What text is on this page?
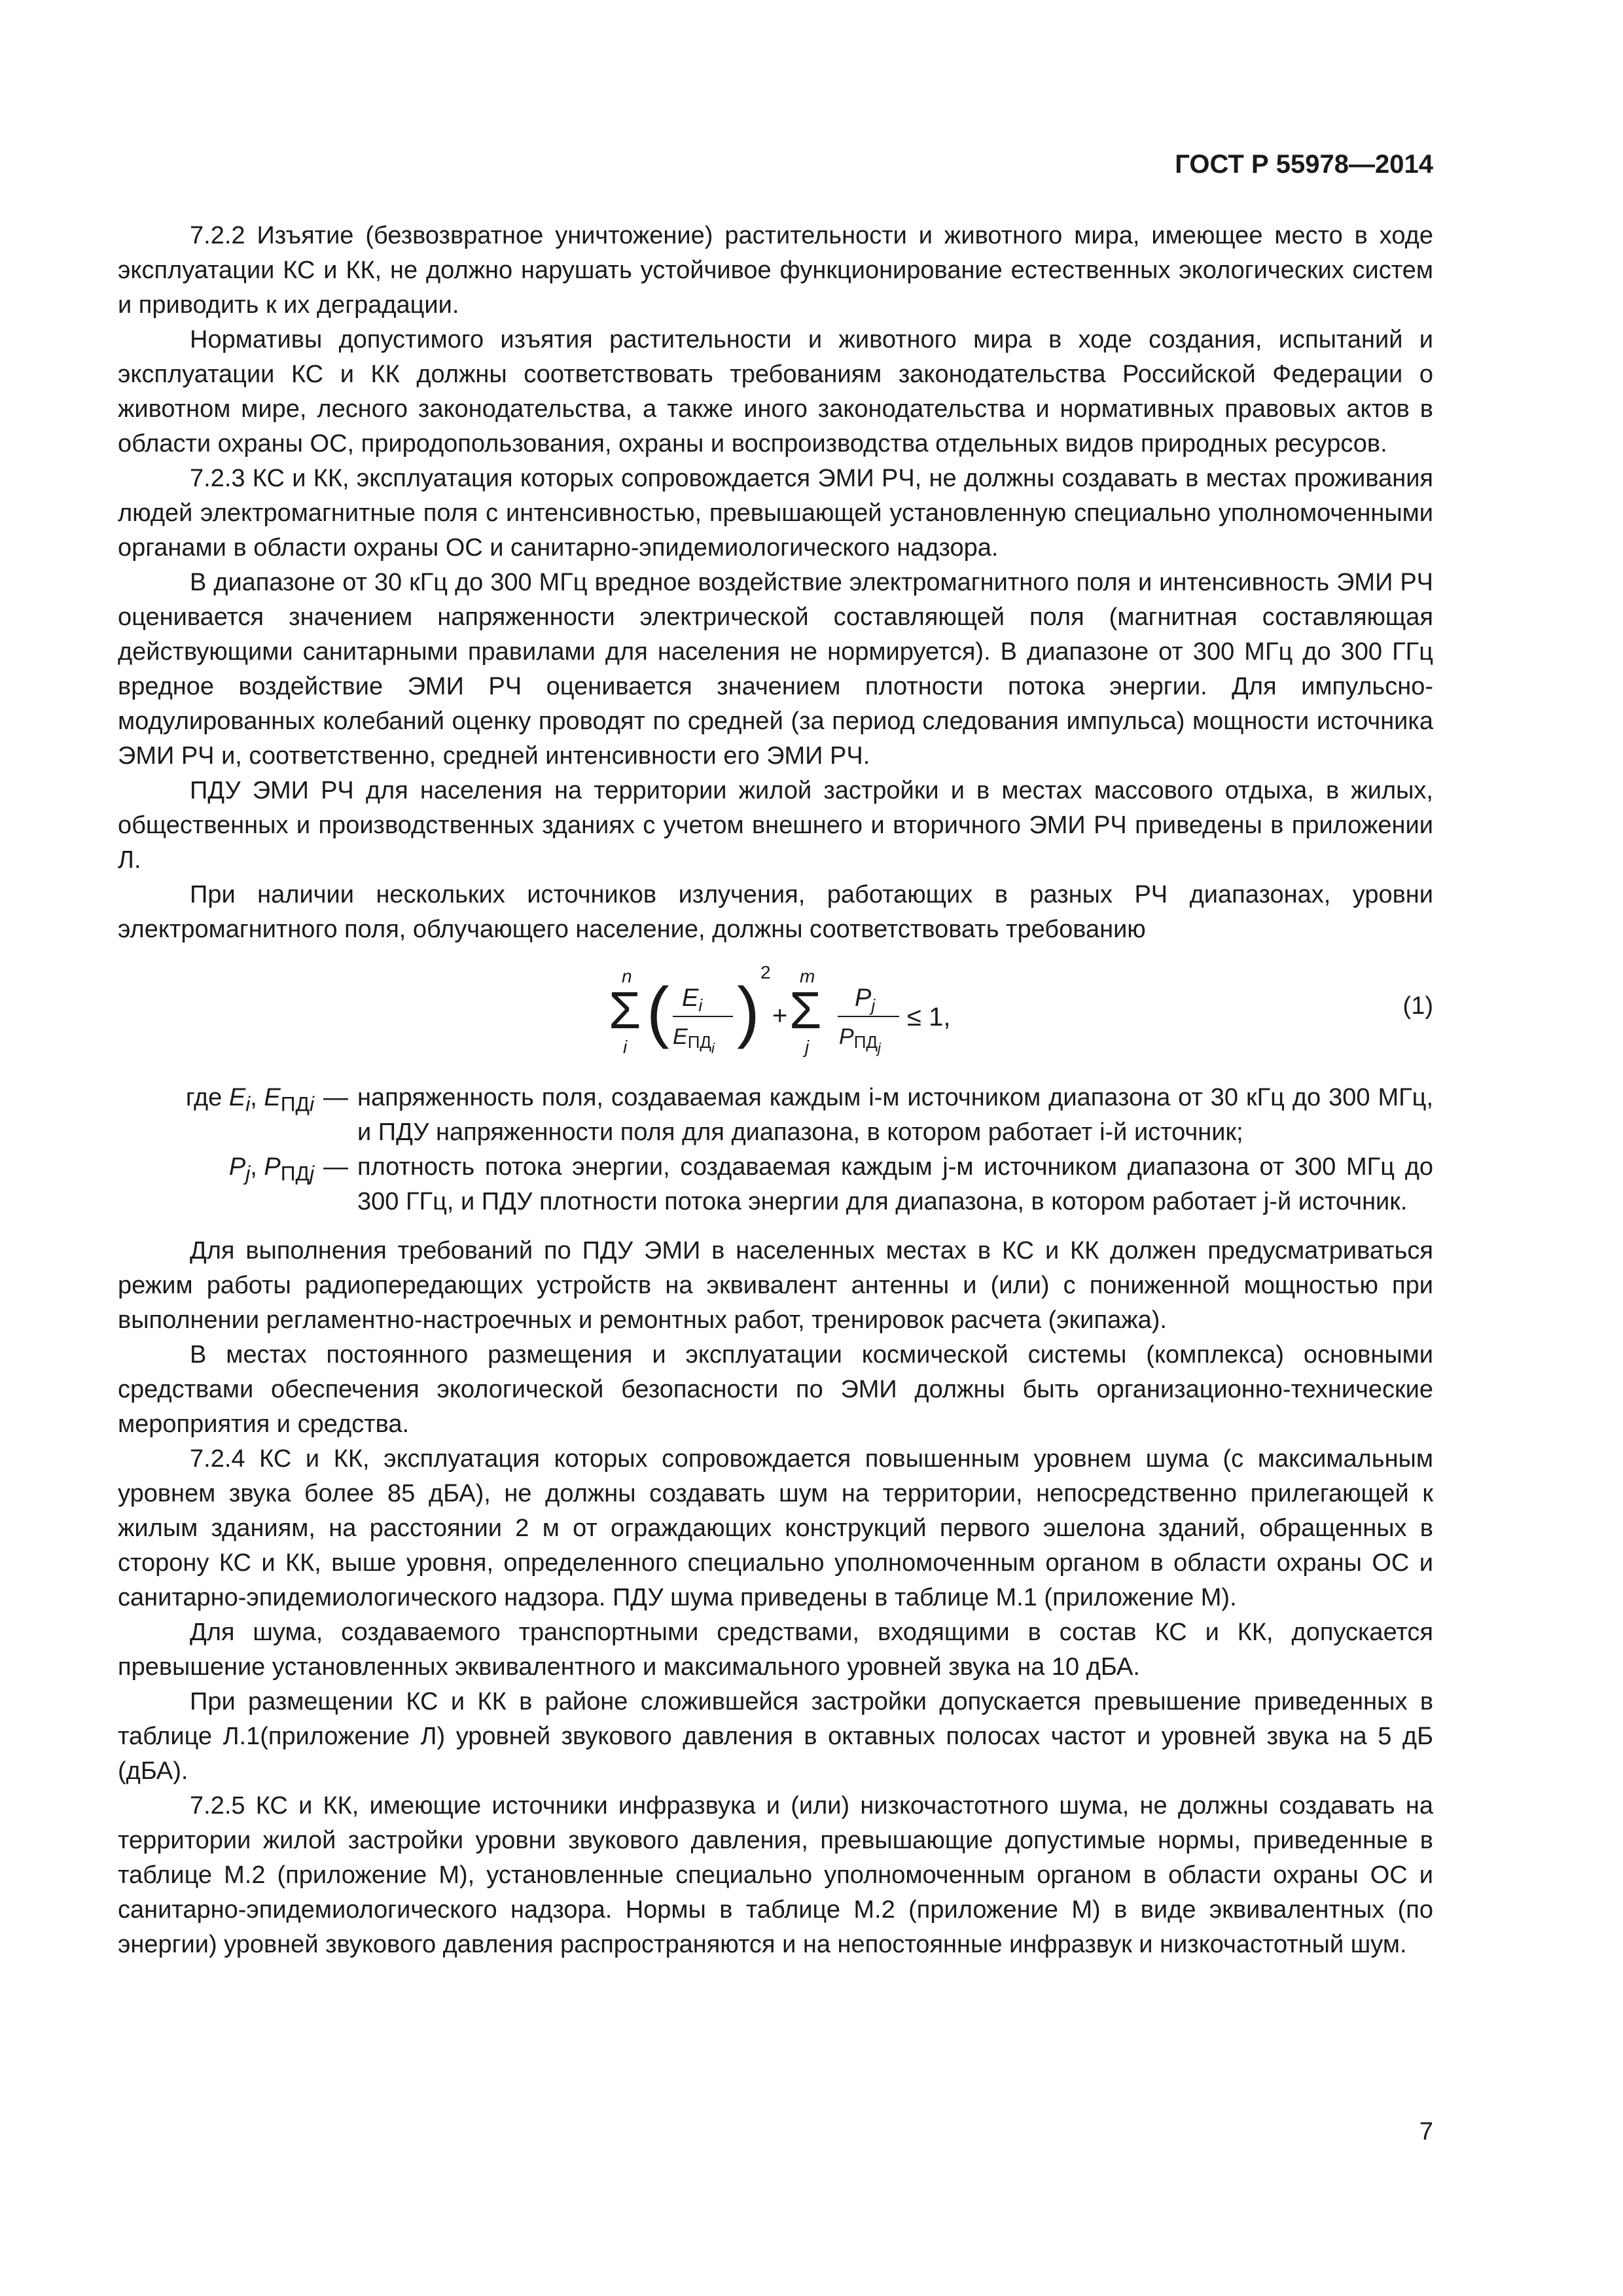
ГОСТ Р 55978—2014

7.2.2 Изъятие (безвозвратное уничтожение) растительности и животного мира, имеющее место в ходе эксплуатации КС и КК, не должно нарушать устойчивое функционирование естественных экологических систем и приводить к их деградации.

Нормативы допустимого изъятия растительности и животного мира в ходе создания, испытаний и эксплуатации КС и КК должны соответствовать требованиям законодательства Российской Федерации о животном мире, лесного законодательства, а также иного законодательства и нормативных правовых актов в области охраны ОС, природопользования, охраны и воспроизводства отдельных видов природных ресурсов.

7.2.3 КС и КК, эксплуатация которых сопровождается ЭМИ РЧ, не должны создавать в местах проживания людей электромагнитные поля с интенсивностью, превышающей установленную специально уполномоченными органами в области охраны ОС и санитарно-эпидемиологического надзора.

В диапазоне от 30 кГц до 300 МГц вредное воздействие электромагнитного поля и интенсивность ЭМИ РЧ оценивается значением напряженности электрической составляющей поля (магнитная составляющая действующими санитарными правилами для населения не нормируется). В диапазоне от 300 МГц до 300 ГГц вредное воздействие ЭМИ РЧ оценивается значением плотности потока энергии. Для импульсно-модулированных колебаний оценку проводят по средней (за период следования импульса) мощности источника ЭМИ РЧ и, соответственно, средней интенсивности его ЭМИ РЧ.

ПДУ ЭМИ РЧ для населения на территории жилой застройки и в местах массового отдыха, в жилых, общественных и производственных зданиях с учетом внешнего и вторичного ЭМИ РЧ приведены в приложении Л.

При наличии нескольких источников излучения, работающих в разных РЧ диапазонах, уровни электромагнитного поля, облучающего население, должны соответствовать требованию

n
Σ
i ( $E_i$
$EПД_i$ )
2
+
m
Σ
j
$P_j$
$PПД_j$
≤ 1,	(1)
где $E_i$, $E_{ПДi}$ — напряженность поля, создаваемая каждым i-м источником диапазона от 30 кГц до 300 МГц, и ПДУ напряженности поля для диапазона, в котором работает i-й источник;
$P_j$, $P_{ПДj}$ — плотность потока энергии, создаваемая каждым j-м источником диапазона от 300 МГц до 300 ГГц, и ПДУ плотности потока энергии для диапазона, в котором работает j-й источник.

Для выполнения требований по ПДУ ЭМИ в населенных местах в КС и КК должен предусматриваться режим работы радиопередающих устройств на эквивалент антенны и (или) с пониженной мощностью при выполнении регламентно-настроечных и ремонтных работ, тренировок расчета (экипажа).

В местах постоянного размещения и эксплуатации космической системы (комплекса) основными средствами обеспечения экологической безопасности по ЭМИ должны быть организационно-технические мероприятия и средства.

7.2.4 КС и КК, эксплуатация которых сопровождается повышенным уровнем шума (с максимальным уровнем звука более 85 дБА), не должны создавать шум на территории, непосредственно прилегающей к жилым зданиям, на расстоянии 2 м от ограждающих конструкций первого эшелона зданий, обращенных в сторону КС и КК, выше уровня, определенного специально уполномоченным органом в области охраны ОС и санитарно-эпидемиологического надзора. ПДУ шума приведены в таблице М.1 (приложение М).

Для шума, создаваемого транспортными средствами, входящими в состав КС и КК, допускается превышение установленных эквивалентного и максимального уровней звука на 10 дБА.

При размещении КС и КК в районе сложившейся застройки допускается превышение приведенных в таблице Л.1(приложение Л) уровней звукового давления в октавных полосах частот и уровней звука на 5 дБ (дБА).

7.2.5 КС и КК, имеющие источники инфразвука и (или) низкочастотного шума, не должны создавать на территории жилой застройки уровни звукового давления, превышающие допустимые нормы, приведенные в таблице М.2 (приложение М), установленные специально уполномоченным органом в области охраны ОС и санитарно-эпидемиологического надзора. Нормы в таблице М.2 (приложение М) в виде эквивалентных (по энергии) уровней звукового давления распространяются и на непостоянные инфразвук и низкочастотный шум.

7
